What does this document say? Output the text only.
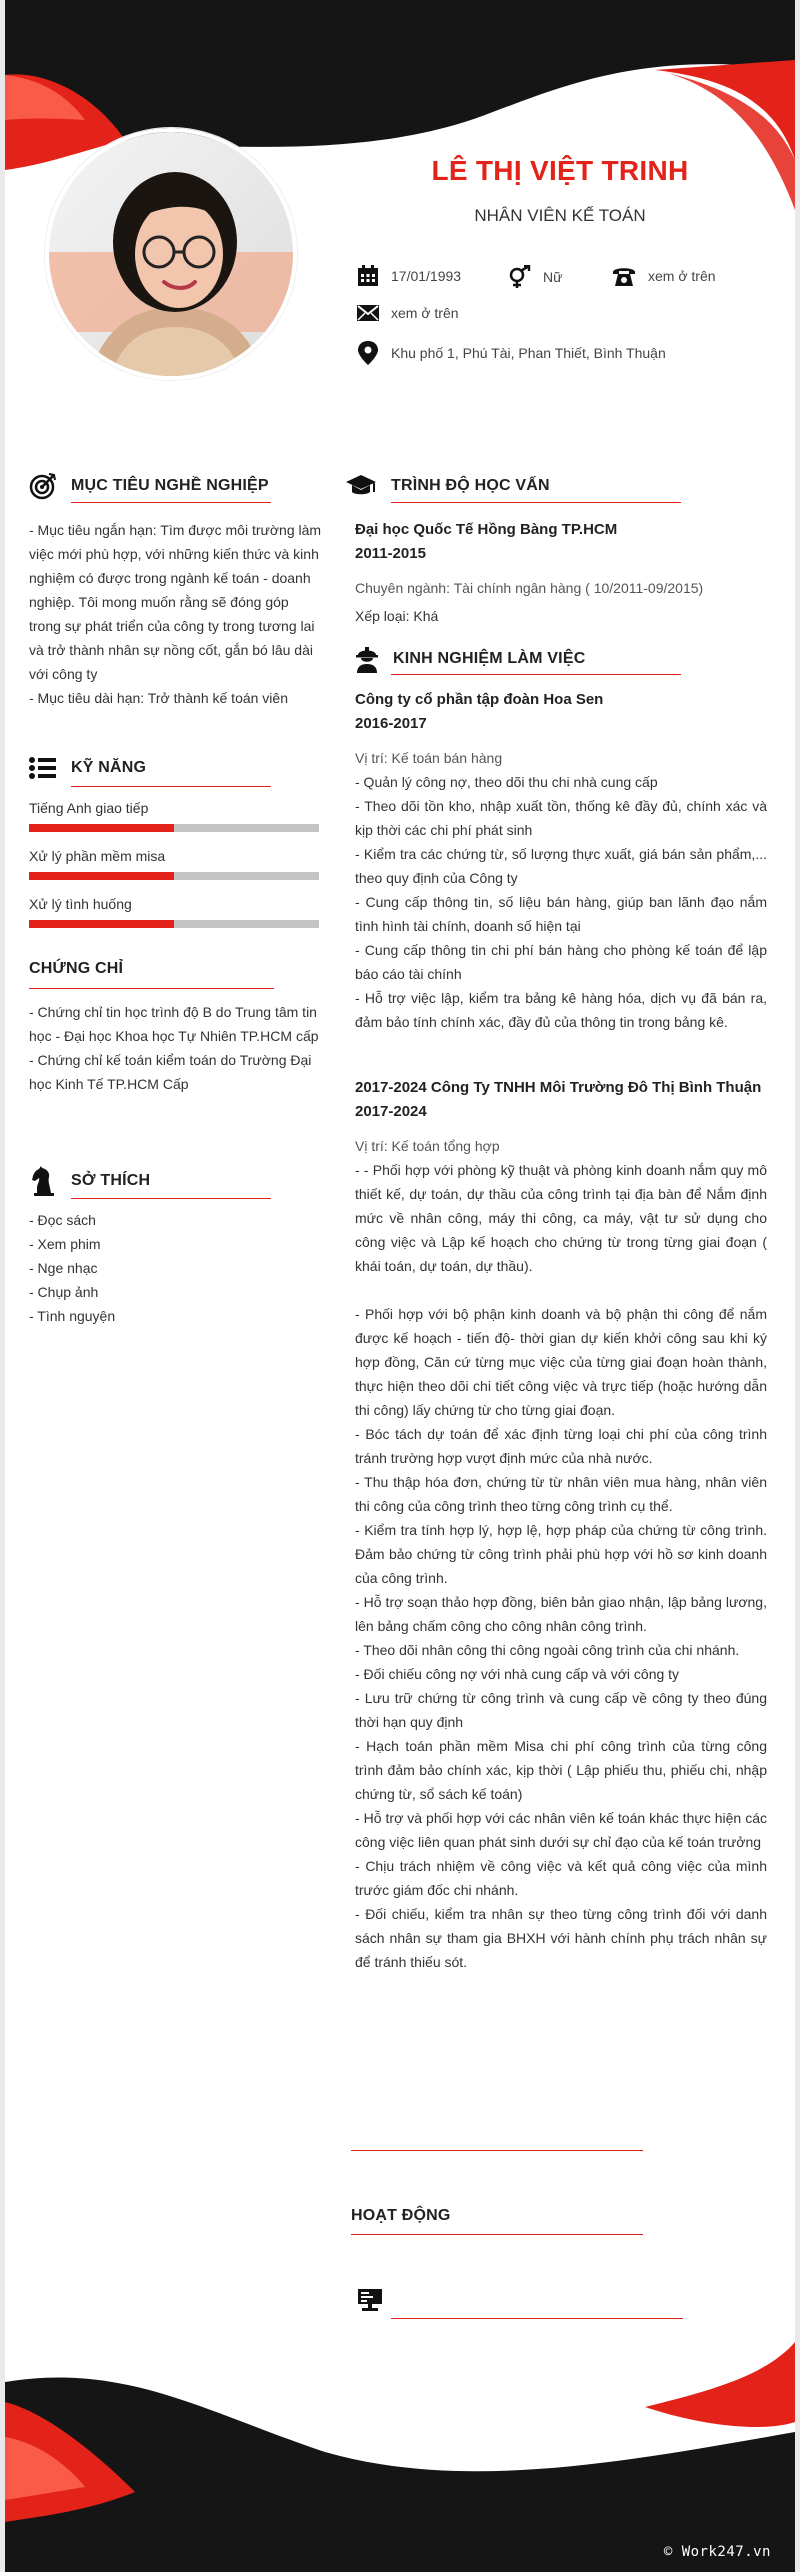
LÊ THỊ VIỆT TRINH
NHÂN VIÊN KẾ TOÁN
17/01/1993	Nữ	xem ở trên
xem ở trên
Khu phố 1, Phú Tài, Phan Thiết, Bình Thuận
MỤC TIÊU NGHỀ NGHIỆP

- Mục tiêu ngắn hạn: Tìm được môi trường làm việc mới phù hợp, với những kiến thức và kinh nghiệm có được trong ngành kế toán - doanh nghiệp. Tôi mong muốn rằng sẽ đóng góp trong sự phát triển của công ty trong tương lai và trở thành nhân sự nồng cốt, gắn bó lâu dài với công ty

- Mục tiêu dài hạn: Trở thành kế toán viên

KỸ NĂNG
Tiếng Anh giao tiếp
Xử lý phần mềm misa
Xử lý tình huống
CHỨNG CHỈ

- Chứng chỉ tin học trình độ B do Trung tâm tin học - Đại học Khoa học Tự Nhiên TP.HCM cấp

- Chứng chỉ kế toán kiểm toán do Trường Đại học Kinh Tế TP.HCM Cấp

SỞ THÍCH

- Đọc sách

- Xem phim

- Nge nhạc

- Chụp ảnh

- Tình nguyện

TRÌNH ĐỘ HỌC VẤN

Đại học Quốc Tế Hồng Bàng TP.HCM

2011-2015

Chuyên ngành: Tài chính ngân hàng ( 10/2011-09/2015)

Xếp loại: Khá

KINH NGHIỆM LÀM VIỆC

Công ty cổ phần tập đoàn Hoa Sen

2016-2017

Vị trí: Kế toán bán hàng

- Quản lý công nợ, theo dõi thu chi nhà cung cấp

- Theo dõi tồn kho, nhập xuất tồn, thống kê đầy đủ, chính xác và kịp thời các chi phí phát sinh

- Kiểm tra các chứng từ, số lượng thực xuất, giá bán sản phẩm,... theo quy định của Công ty

- Cung cấp thông tin, số liệu bán hàng, giúp ban lãnh đạo nắm tình hình tài chính, doanh số hiện tại

- Cung cấp thông tin chi phí bán hàng cho phòng kế toán để lập báo cáo tài chính

- Hỗ trợ việc lập, kiểm tra bảng kê hàng hóa, dịch vụ đã bán ra, đảm bảo tính chính xác, đầy đủ của thông tin trong bảng kê.

2017-2024 Công Ty TNHH Môi Trường Đô Thị Bình Thuận

2017-2024

Vị trí: Kế toán tổng hợp

- - Phối hợp với phòng kỹ thuật và phòng kinh doanh nắm quy mô thiết kế, dự toán, dự thầu của công trình tại địa bàn để Nắm định mức về nhân công, máy thi công, ca máy, vật tư sử dụng cho công việc và Lập kế hoạch cho chứng từ trong từng giai đoạn ( khái toán, dự toán, dự thầu).

- Phối hợp với bộ phận kinh doanh và bộ phận thi công để nắm được kế hoạch - tiến độ- thời gian dự kiến khởi công sau khi ký hợp đồng, Căn cứ từng mục việc của từng giai đoạn hoàn thành, thực hiện theo dõi chi tiết công việc và trực tiếp (hoặc hướng dẫn thi công) lấy chứng từ cho từng giai đoạn.

- Bóc tách dự toán để xác định từng loại chi phí của công trình tránh trường hợp vượt định mức của nhà nước.

- Thu thập hóa đơn, chứng từ từ nhân viên mua hàng, nhân viên thi công của công trình theo từng công trình cụ thể.

- Kiểm tra tính hợp lý, hợp lệ, hợp pháp của chứng từ công trình. Đảm bảo chứng từ công trình phải phù hợp với hồ sơ kinh doanh của công trình.

- Hỗ trợ soạn thảo hợp đồng, biên bản giao nhận, lập bảng lương, lên bảng chấm công cho công nhân công trình.

- Theo dõi nhân công thi công ngoài công trình của chi nhánh.

- Đối chiếu công nợ với nhà cung cấp và với công ty

- Lưu trữ chứng từ công trình và cung cấp về công ty theo đúng thời hạn quy định

- Hạch toán phần mềm Misa chi phí công trình của từng công trình đảm bảo chính xác, kịp thời ( Lập phiếu thu, phiếu chi, nhập chứng từ, sổ sách kế toán)

- Hỗ trợ và phối hợp với các nhân viên kế toán khác thực hiện các công việc liên quan phát sinh dưới sự chỉ đạo của kế toán trưởng

- Chịu trách nhiệm về công việc và kết quả công việc của mình trước giám đốc chi nhánh.

- Đối chiếu, kiểm tra nhân sự theo từng công trình đối với danh sách nhân sự tham gia BHXH với hành chính phụ trách nhân sự để tránh thiếu sót.

HOẠT ĐỘNG
© Work247.vn
